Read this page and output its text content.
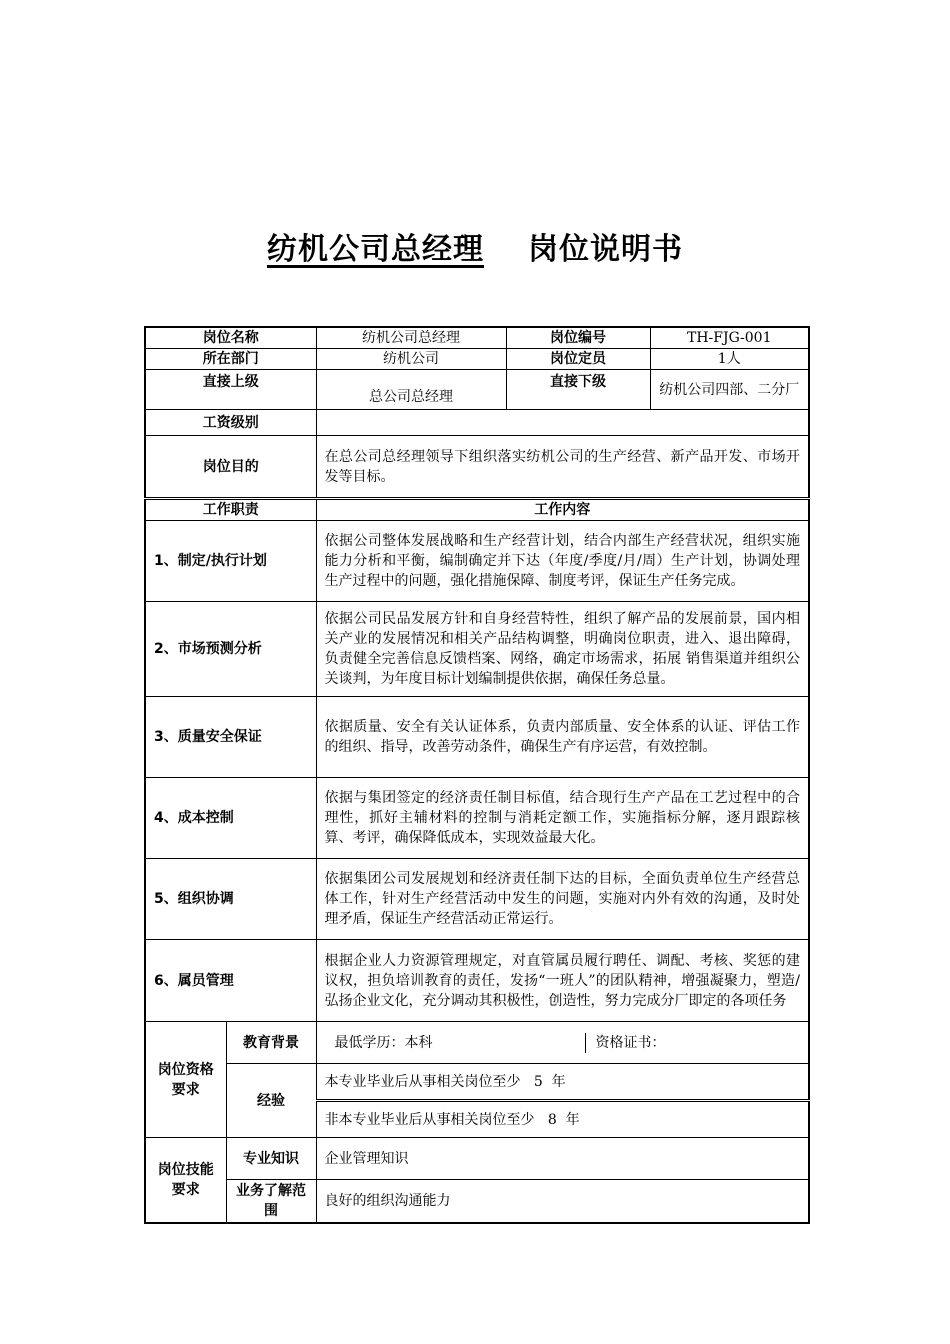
纺机公司总经理 岗位说明书
岗位名称	纺机公司总经理	岗位编号	TH-FJG-001
所在部门	纺机公司	岗位定员	1人
直接上级	总公司总经理	直接下级	纺机公司四部、二分厂
工资级别	
岗位目的	在总公司总经理领导下组织落实纺机公司的生产经营、新产品开发、市场开发等目标。
工作职责	工作内容
1、制定/执行计划	依据公司整体发展战略和生产经营计划，结合内部生产经营状况，组织实施能力分析和平衡，编制确定并下达（年度/季度/月/周）生产计划，协调处理生产过程中的问题，强化措施保障、制度考评，保证生产任务完成。
2、市场预测分析	依据公司民品发展方针和自身经营特性，组织了解产品的发展前景，国内相关产业的发展情况和相关产品结构调整，明确岗位职责，进入、退出障碍，负责健全完善信息反馈档案、网络，确定市场需求，拓展 销售渠道并组织公关谈判，为年度目标计划编制提供依据，确保任务总量。
3、质量安全保证	依据质量、安全有关认证体系，负责内部质量、安全体系的认证、评估工作的组织、指导，改善劳动条件，确保生产有序运营，有效控制。
4、成本控制	依据与集团签定的经济责任制目标值，结合现行生产产品在工艺过程中的合理性，抓好主辅材料的控制与消耗定额工作，实施指标分解，逐月跟踪核算、考评，确保降低成本，实现效益最大化。
5、组织协调	依据集团公司发展规划和经济责任制下达的目标，全面负责单位生产经营总体工作，针对生产经营活动中发生的问题，实施对内外有效的沟通，及时处理矛盾，保证生产经营活动正常运行。
6、属员管理	根据企业人力资源管理规定，对直管属员履行聘任、调配、考核、奖惩的建议权，担负培训教育的责任，发扬“一班人”的团队精神，增强凝聚力，塑造/弘扬企业文化，充分调动其积极性，创造性，努力完成分厂即定的各项任务
岗位资格要求	教育背景		最低学历：本科	资格证书：

经验	本专业毕业后从事相关岗位至少   5  年
非本专业毕业后从事相关岗位至少   8  年
岗位技能要求	专业知识	企业管理知识
业务了解范围	良好的组织沟通能力
